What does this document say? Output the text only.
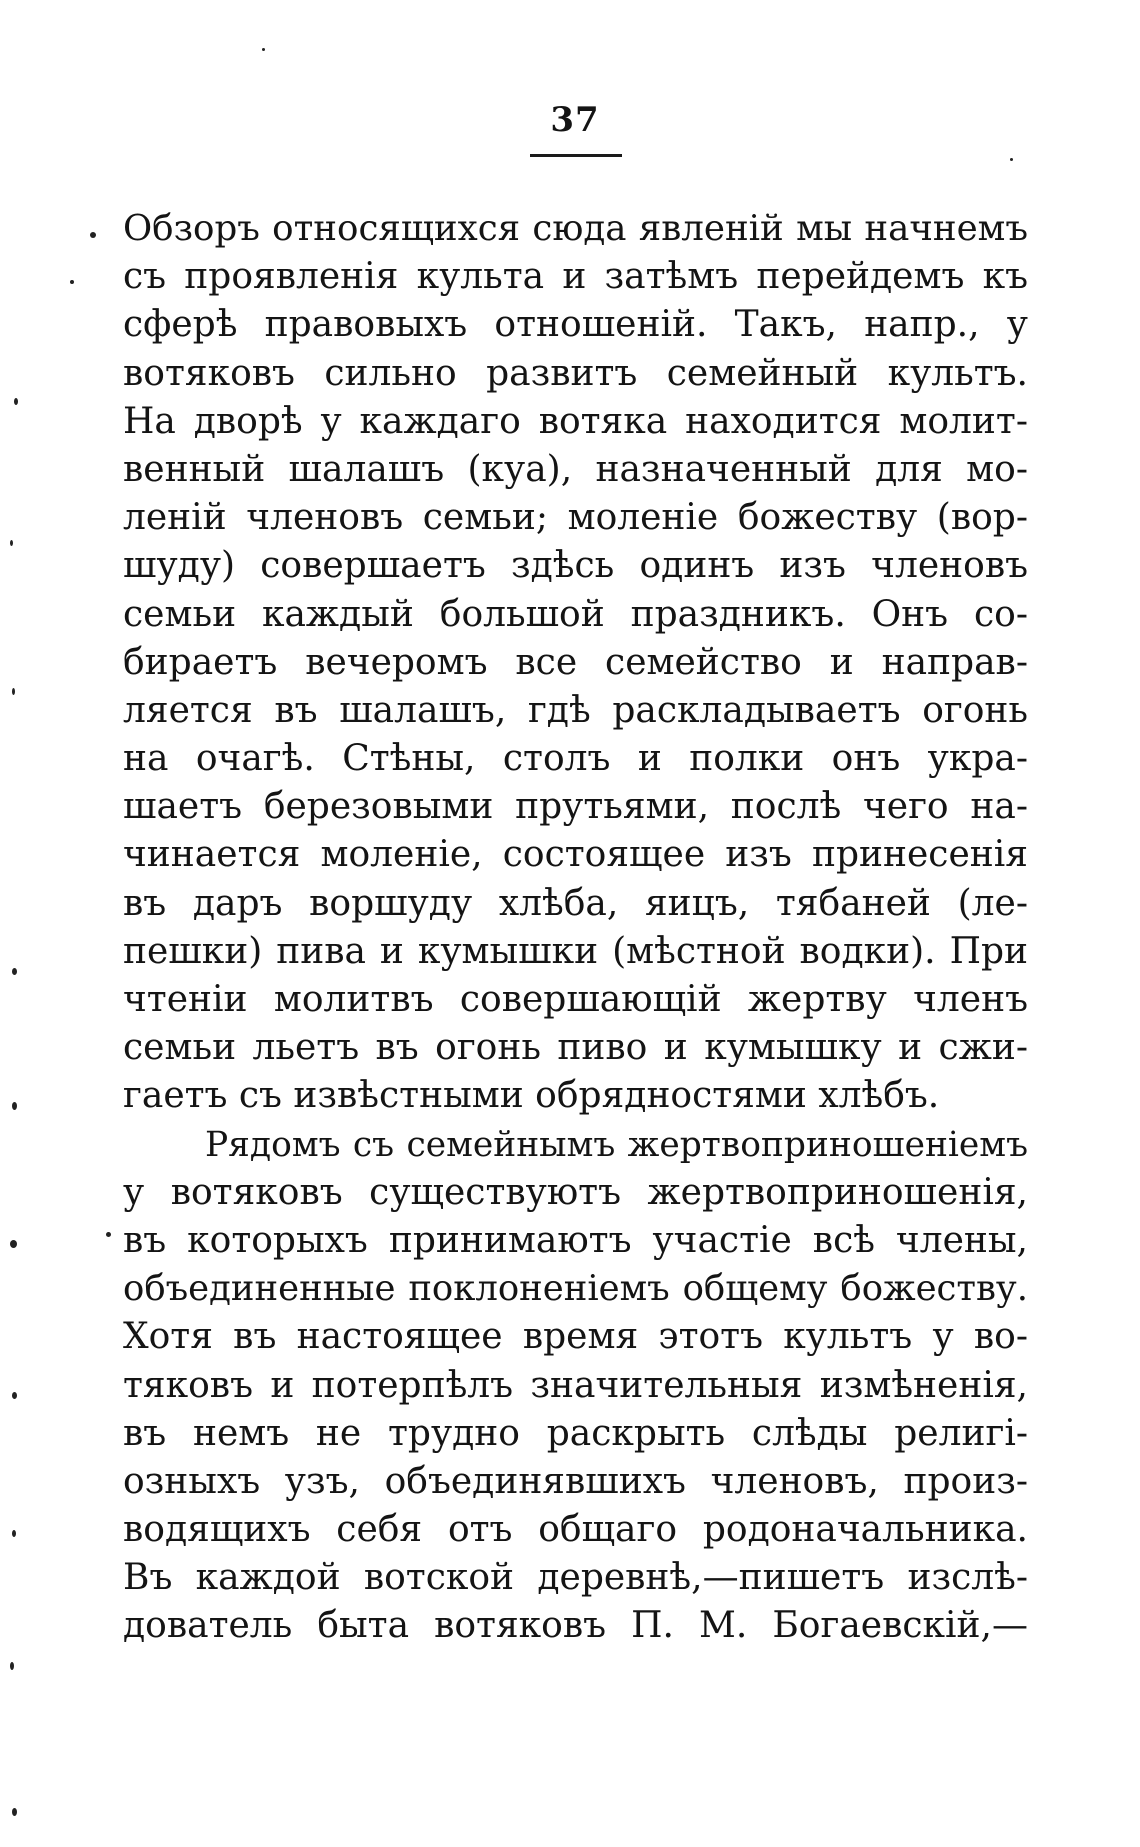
37
Обзоръ относящихся сюда явленій мы начнемъ
съ проявленія культа и затѣмъ перейдемъ къ
сферѣ правовыхъ отношеній. Такъ, напр., у
вотяковъ сильно развитъ семейный культъ.
На дворѣ у каждаго вотяка находится молит-
венный шалашъ (куа), назначенный для мо-
леній членовъ семьи; моленіе божеству (вор-
шуду) совершаетъ здѣсь одинъ изъ членовъ
семьи каждый большой праздникъ. Онъ со-
бираетъ вечеромъ все семейство и направ-
ляется въ шалашъ, гдѣ раскладываетъ огонь
на очагѣ. Стѣны, столъ и полки онъ укра-
шаетъ березовыми прутьями, послѣ чего на-
чинается моленіе, состоящее изъ принесенія
въ даръ воршуду хлѣба, яицъ, тябаней (ле-
пешки) пива и кумышки (мѣстной водки). При
чтеніи молитвъ совершающій жертву членъ
семьи льетъ въ огонь пиво и кумышку и сжи-
гаетъ съ извѣстными обрядностями хлѣбъ.
Рядомъ съ семейнымъ жертвоприношеніемъ
у вотяковъ существуютъ жертвоприношенія,
въ которыхъ принимаютъ участіе всѣ члены,
объединенные поклоненіемъ общему божеству.
Хотя въ настоящее время этотъ культъ у во-
тяковъ и потерпѣлъ значительныя измѣненія,
въ немъ не трудно раскрыть слѣды религі-
озныхъ узъ, объединявшихъ членовъ, произ-
водящихъ себя отъ общаго родоначальника.
Въ каждой вотской деревнѣ,—пишетъ изслѣ-
дователь быта вотяковъ П. М. Богаевскій,—
